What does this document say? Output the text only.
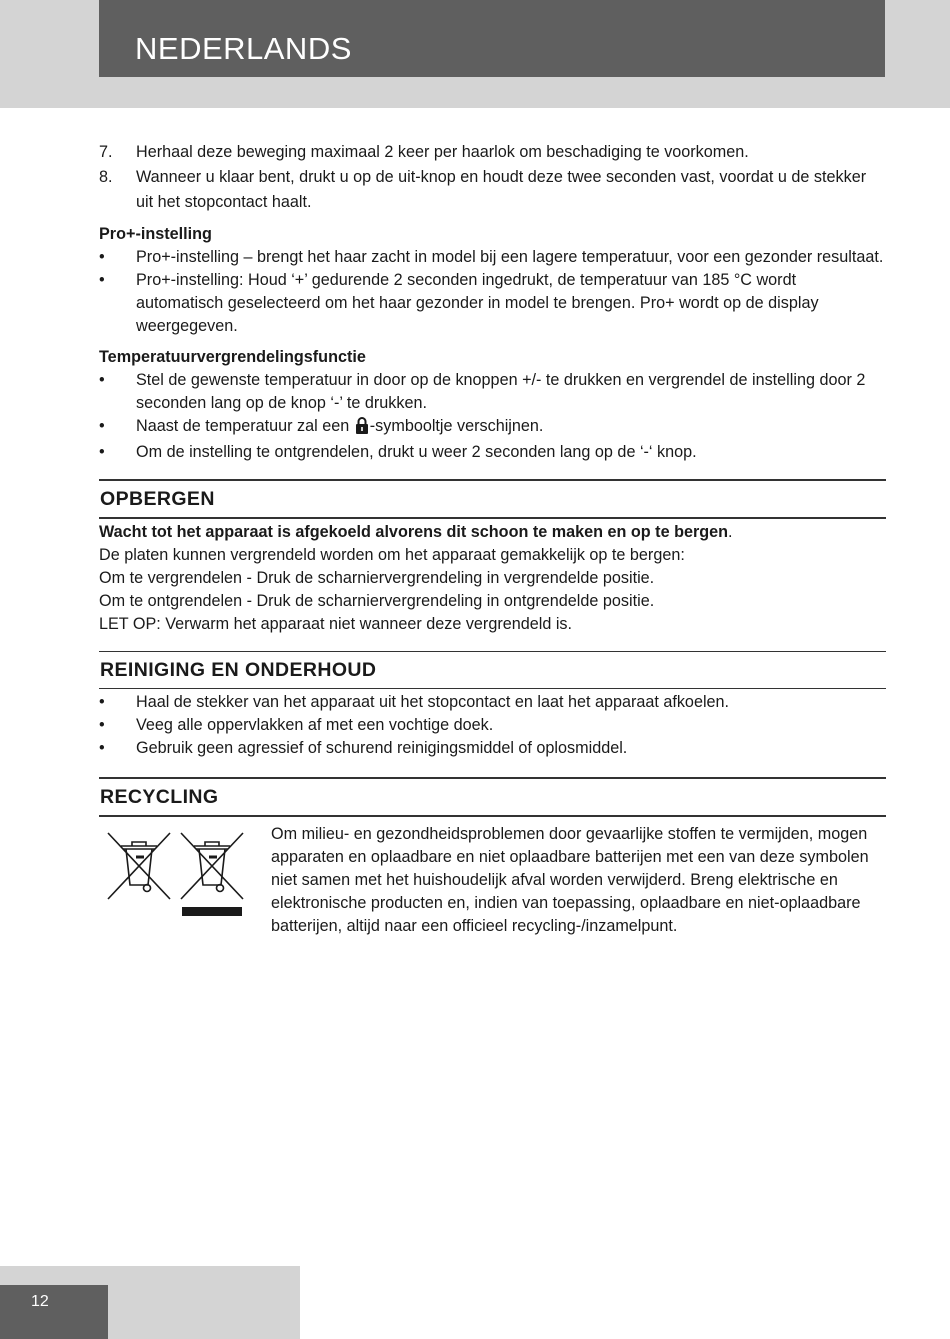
NEDERLANDS
7. Herhaal deze beweging maximaal 2 keer per haarlok om beschadiging te voorkomen.
8. Wanneer u klaar bent, drukt u op de uit-knop en houdt deze twee seconden vast, voordat u de stekker uit het stopcontact haalt.
Pro+-instelling
• Pro+-instelling – brengt het haar zacht in model bij een lagere temperatuur, voor een gezonder resultaat.
• Pro+-instelling: Houd ‘+’ gedurende 2 seconden ingedrukt, de temperatuur van 185 °C wordt automatisch geselecteerd om het haar gezonder in model te brengen. Pro+ wordt op de display weergegeven.
Temperatuurvergrendelingsfunctie
• Stel de gewenste temperatuur in door op de knoppen +/- te drukken en vergrendel de instelling door 2 seconden lang op de knop ‘-’ te drukken.
• Naast de temperatuur zal een -symbooltje verschijnen.
• Om de instelling te ontgrendelen, drukt u weer 2 seconden lang op de ‘-‘ knop.
OPBERGEN
Wacht tot het apparaat is afgekoeld alvorens dit schoon te maken en op te bergen.
De platen kunnen vergrendeld worden om het apparaat gemakkelijk op te bergen:
Om te vergrendelen - Druk de scharniervergrendeling in vergrendelde positie.
Om te ontgrendelen - Druk de scharniervergrendeling in ontgrendelde positie.
LET OP: Verwarm het apparaat niet wanneer deze vergrendeld is.
REINIGING EN ONDERHOUD
• Haal de stekker van het apparaat uit het stopcontact en laat het apparaat afkoelen.
• Veeg alle oppervlakken af met een vochtige doek.
• Gebruik geen agressief of schurend reinigingsmiddel of oplosmiddel.
RECYCLING
Om milieu- en gezondheidsproblemen door gevaarlijke stoffen te vermijden, mogen apparaten en oplaadbare en niet oplaadbare batterijen met een van deze symbolen niet samen met het huishoudelijk afval worden verwijderd. Breng elektrische en elektronische producten en, indien van toepassing, oplaadbare en niet-oplaadbare batterijen, altijd naar een officieel recycling-/inzamelpunt.
12
